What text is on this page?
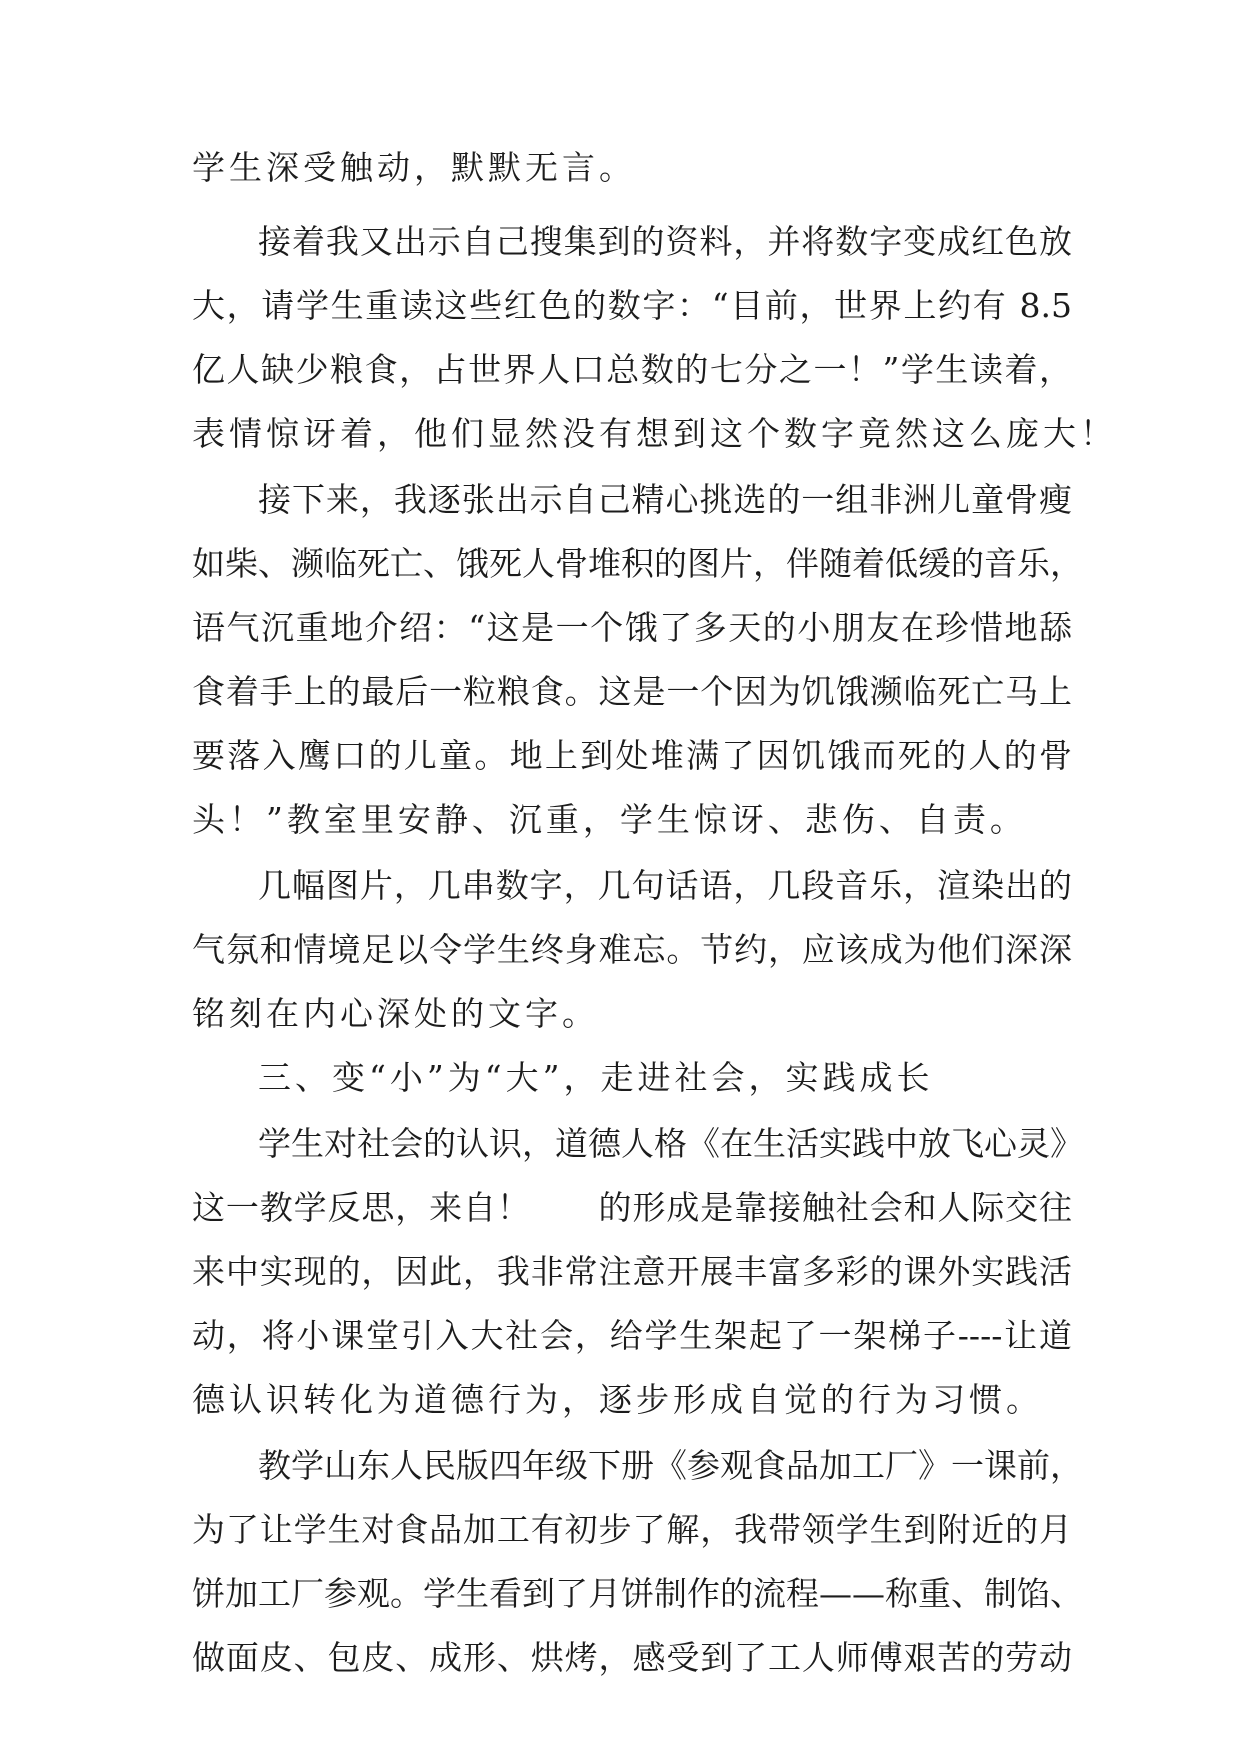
学生深受触动，默默无言。
接着我又出示自己搜集到的资料，并将数字变成红色放
大，请学生重读这些红色的数字：“目前，世界上约有 8.5
亿人缺少粮食，占世界人口总数的七分之一！”学生读着，
表情惊讶着，他们显然没有想到这个数字竟然这么庞大！
接下来，我逐张出示自己精心挑选的一组非洲儿童骨瘦
如柴、濒临死亡、饿死人骨堆积的图片，伴随着低缓的音乐，
语气沉重地介绍：“这是一个饿了多天的小朋友在珍惜地舔
食着手上的最后一粒粮食。这是一个因为饥饿濒临死亡马上
要落入鹰口的儿童。地上到处堆满了因饥饿而死的人的骨
头！”教室里安静、沉重，学生惊讶、悲伤、自责。
几幅图片，几串数字，几句话语，几段音乐，渲染出的
气氛和情境足以令学生终身难忘。节约，应该成为他们深深
铭刻在内心深处的文字。
三、变“小”为“大”，走进社会，实践成长
学生对社会的认识，道德人格《在生活实践中放飞心灵》
这一教学反思，来自！　　的形成是靠接触社会和人际交往
来中实现的，因此，我非常注意开展丰富多彩的课外实践活
动，将小课堂引入大社会，给学生架起了一架梯子----让道
德认识转化为道德行为，逐步形成自觉的行为习惯。
教学山东人民版四年级下册《参观食品加工厂》一课前，
为了让学生对食品加工有初步了解，我带领学生到附近的月
饼加工厂参观。学生看到了月饼制作的流程——称重、制馅、
做面皮、包皮、成形、烘烤，感受到了工人师傅艰苦的劳动
